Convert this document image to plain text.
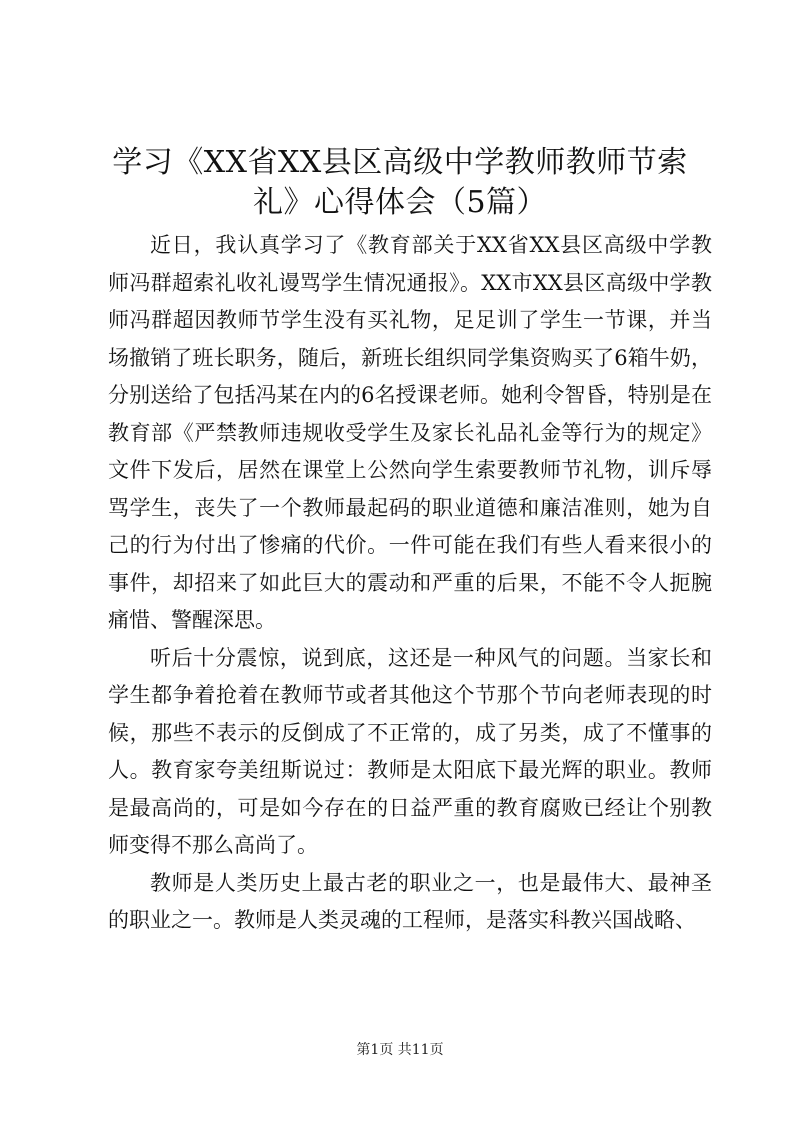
学习《XX省XX县区高级中学教师教师节索
礼》心得体会（5篇）

近日，我认真学习了《教育部关于XX省XX县区高级中学教师冯群超索礼收礼谩骂学生情况通报》。XX市XX县区高级中学教师冯群超因教师节学生没有买礼物，足足训了学生一节课，并当场撤销了班长职务，随后，新班长组织同学集资购买了6箱牛奶，分别送给了包括冯某在内的6名授课老师。她利令智昏，特别是在教育部《严禁教师违规收受学生及家长礼品礼金等行为的规定》文件下发后，居然在课堂上公然向学生索要教师节礼物，训斥辱骂学生，丧失了一个教师最起码的职业道德和廉洁准则，她为自己的行为付出了惨痛的代价。一件可能在我们有些人看来很小的事件，却招来了如此巨大的震动和严重的后果，不能不令人扼腕痛惜、警醒深思。

听后十分震惊，说到底，这还是一种风气的问题。当家长和学生都争着抢着在教师节或者其他这个节那个节向老师表现的时候，那些不表示的反倒成了不正常的，成了另类，成了不懂事的人。教育家夸美纽斯说过：教师是太阳底下最光辉的职业。教师是最高尚的，可是如今存在的日益严重的教育腐败已经让个别教师变得不那么高尚了。

教师是人类历史上最古老的职业之一，也是最伟大、最神圣的职业之一。教师是人类灵魂的工程师，是落实科教兴国战略、

第1页 共11页
